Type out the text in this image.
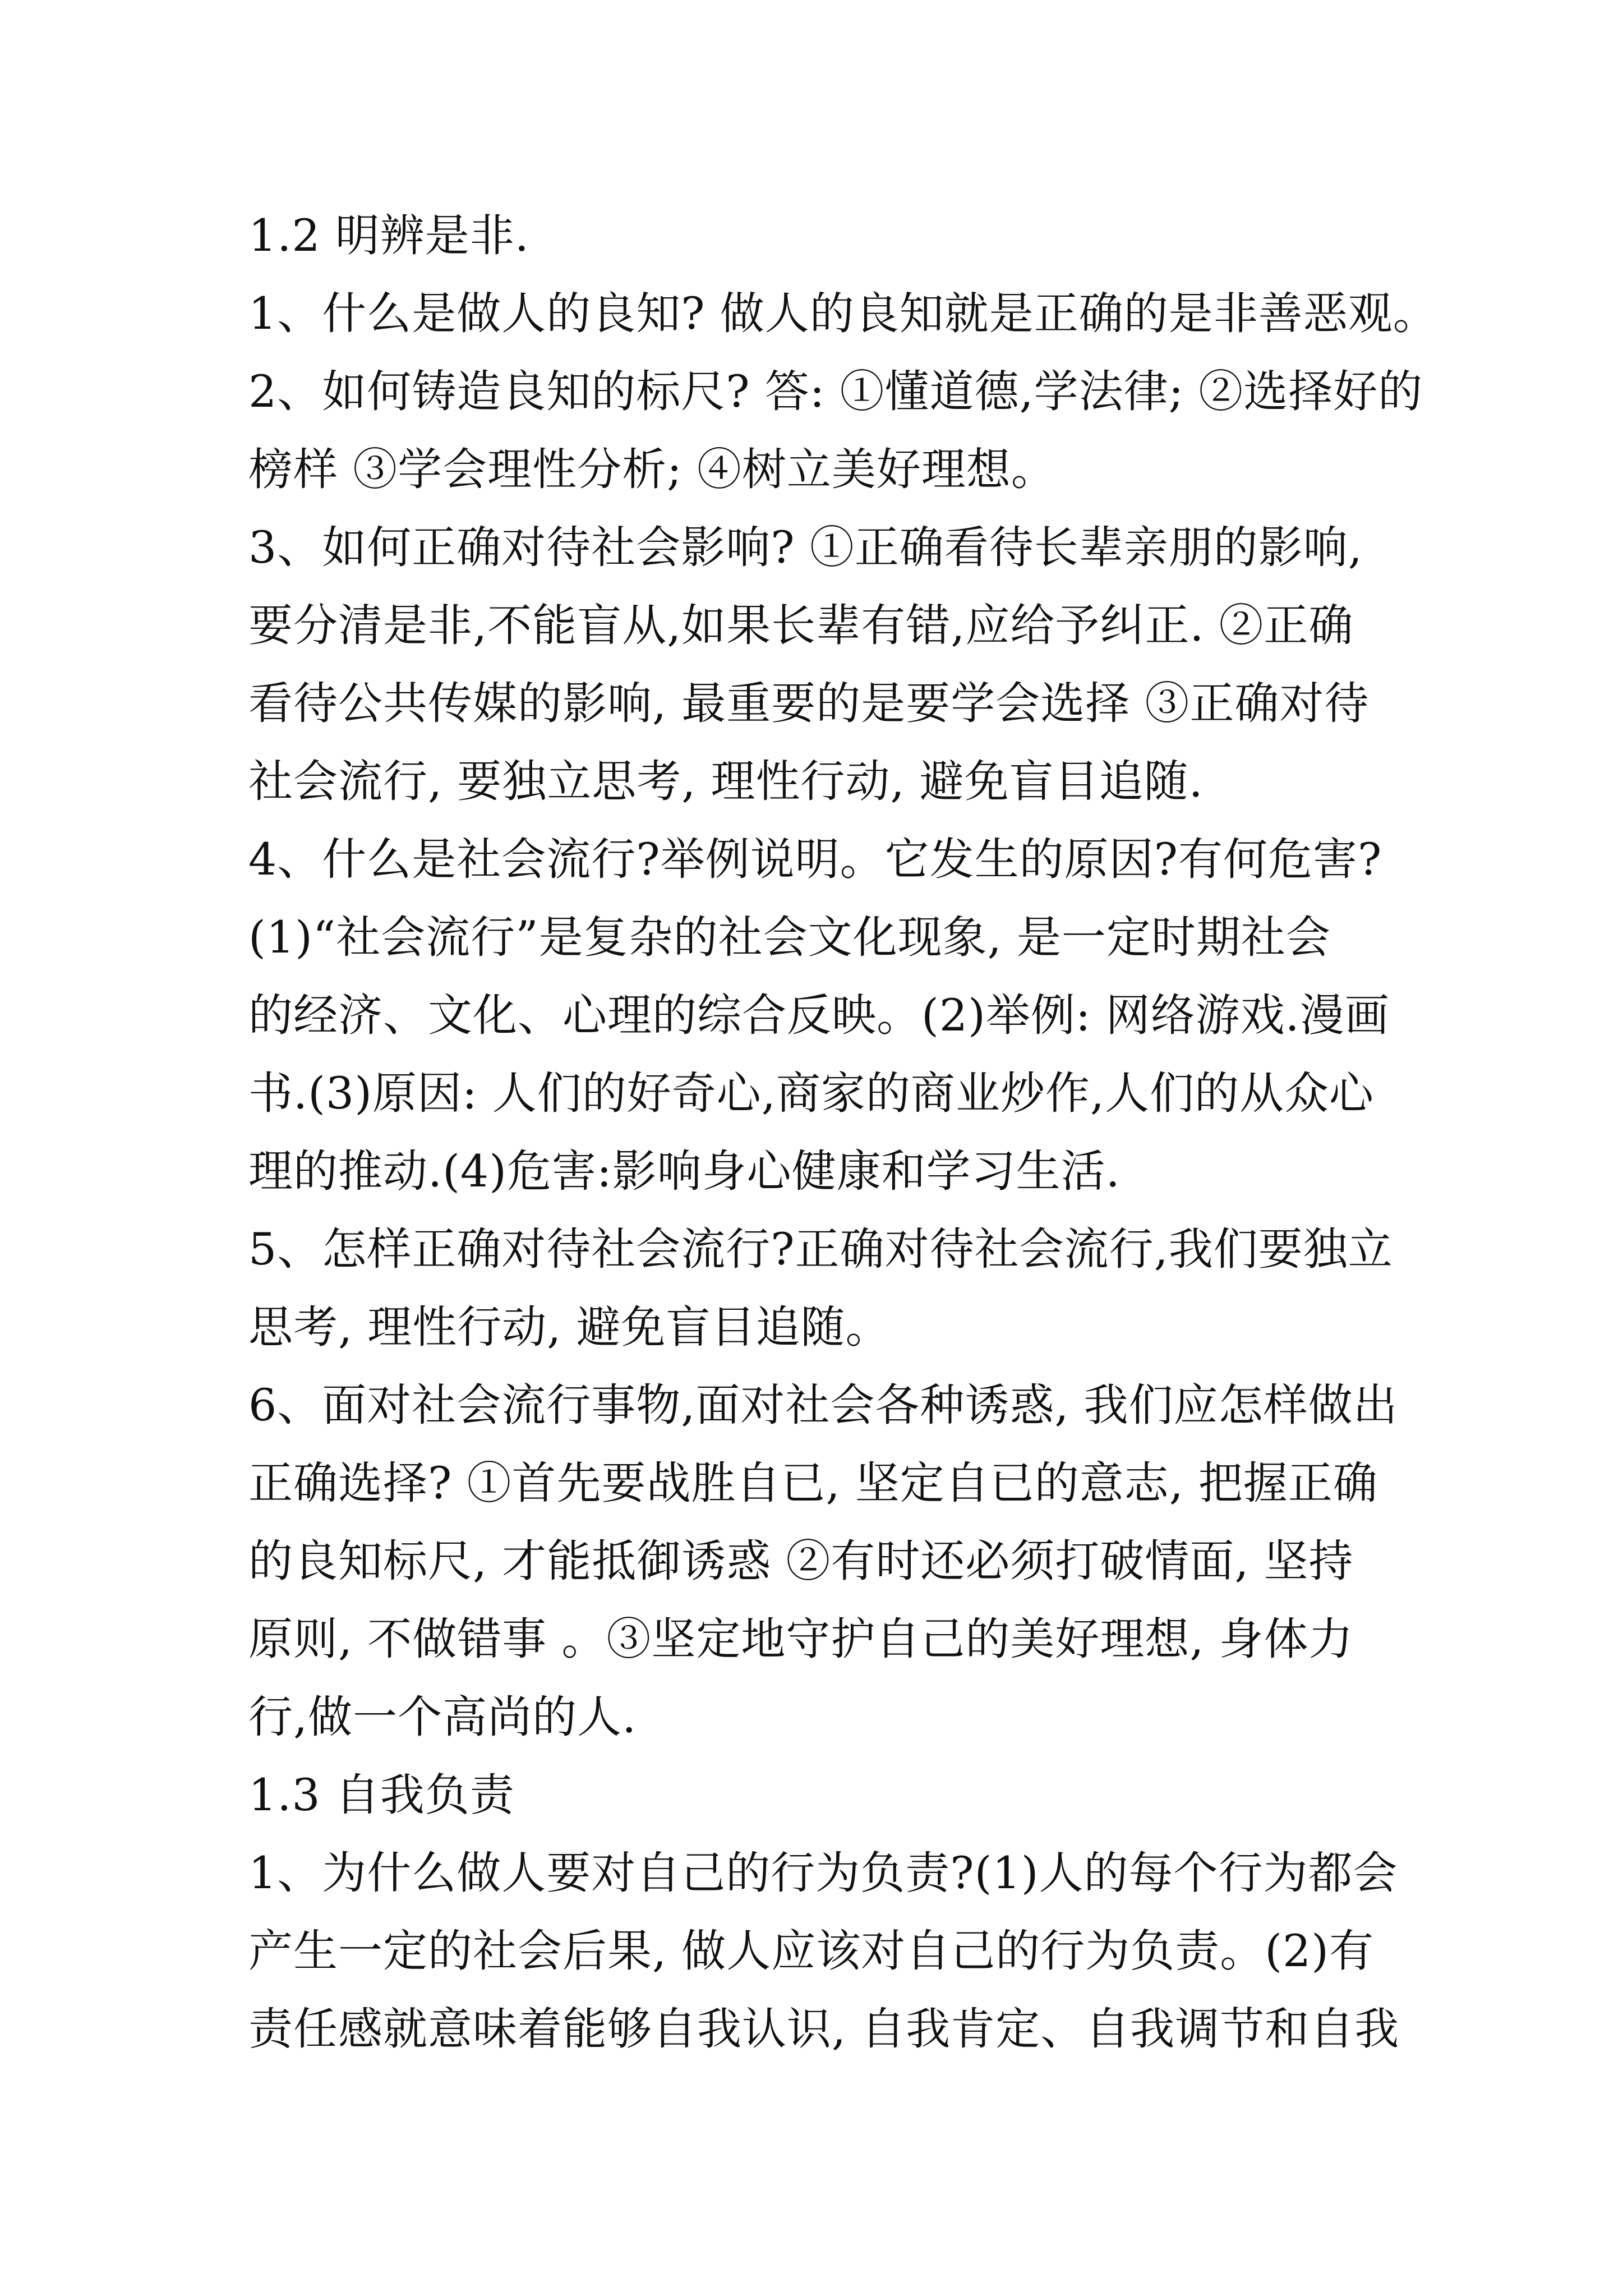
1.2 明辨是非.
1、什么是做人的良知? 做人的良知就是正确的是非善恶观。
2、如何铸造良知的标尺? 答: ①懂道德,学法律; ②选择好的
榜样 ③学会理性分析; ④树立美好理想。
3、如何正确对待社会影响? ①正确看待长辈亲朋的影响,
要分清是非,不能盲从,如果长辈有错,应给予纠正. ②正确
看待公共传媒的影响, 最重要的是要学会选择 ③正确对待
社会流行, 要独立思考, 理性行动, 避免盲目追随.
4、什么是社会流行?举例说明。它发生的原因?有何危害?
(1)“社会流行”是复杂的社会文化现象, 是一定时期社会
的经济、文化、心理的综合反映。(2)举例: 网络游戏.漫画
书.(3)原因: 人们的好奇心,商家的商业炒作,人们的从众心
理的推动.(4)危害:影响身心健康和学习生活.
5、怎样正确对待社会流行?正确对待社会流行,我们要独立
思考, 理性行动, 避免盲目追随。
6、面对社会流行事物,面对社会各种诱惑, 我们应怎样做出
正确选择? ①首先要战胜自已, 坚定自已的意志, 把握正确
的良知标尺, 才能抵御诱惑 ②有时还必须打破情面, 坚持
原则, 不做错事 。③坚定地守护自己的美好理想, 身体力
行,做一个高尚的人.
1.3 自我负责
1、为什么做人要对自己的行为负责?(1)人的每个行为都会
产生一定的社会后果, 做人应该对自己的行为负责。(2)有
责任感就意味着能够自我认识, 自我肯定、自我调节和自我
